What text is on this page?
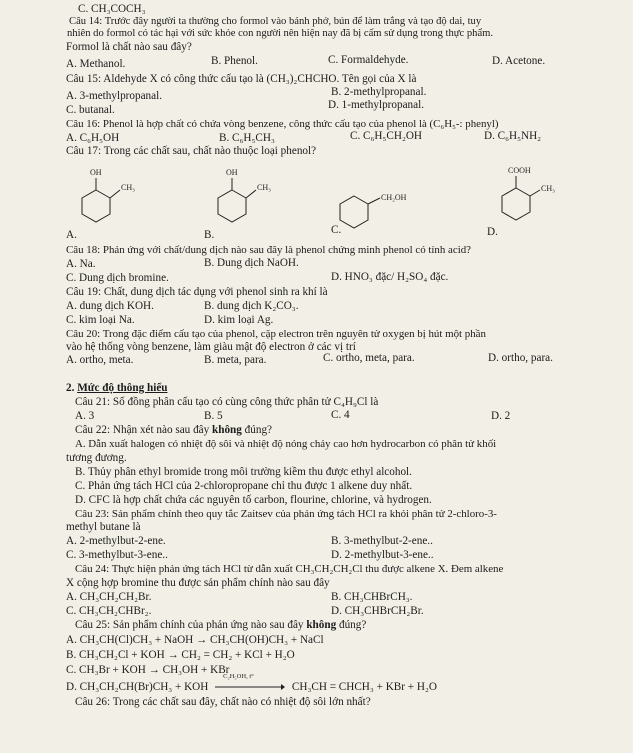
C. CH₃COCH₃
Câu 14: Trước đây người ta thường cho formol vào bánh phở, bún để làm trắng và tạo độ dai, tuy
nhiên do formol có tác hại với sức khỏe con người nên hiện nay đã bị cấm sử dụng trong thực phẩm.
Formol là chất nào sau đây?
A. Methanol.	B. Phenol.	C. Formaldehyde.	D. Acetone.
Câu 15: Aldehyde X có công thức cấu tạo là (CH₃)₂CHCHO. Tên gọi của X là
A. 3-methylpropanal.	B. 2-methylpropanal.
C. butanal.	D. 1-methylpropanal.
Câu 16: Phenol là hợp chất có chứa vòng benzene, công thức cấu tạo của phenol là (C₆H₅-: phenyl)
A. C₆H₅OH	B. C₆H₅CH₃	C. C₆H₅CH₂OH	D. C₆H₅NH₂
Câu 17: Trong các chất sau, chất nào thuộc loại phenol?
A.
OH
CH₃
B.
OH
CH₃
C.
CH₂OH
D.
COOH
CH₃
Câu 18: Phản ứng với chất/dung dịch nào sau đây là phenol chứng minh phenol có tính acid?
A. Na.	B. Dung dịch NaOH.
C. Dung dịch bromine.	D. HNO₃ đặc/ H₂SO₄ đặc.
Câu 19: Chất, dung dịch tác dụng với phenol sinh ra khí là
A. dung dịch KOH.	B. dung dịch K₂CO₃.
C. kim loại Na.	D. kim loại Ag.
Câu 20: Trong đặc điểm cấu tạo của phenol, cặp electron trên nguyên tử oxygen bị hút một phần
vào hệ thống vòng benzene, làm giàu mật độ electron ở các vị trí
A. ortho, meta.	B. meta, para.	C. ortho, meta, para.	D. ortho, para.
2. Mức độ thông hiểu
Câu 21: Số đồng phân cấu tạo có cùng công thức phân tử C₄H₉Cl là
A. 3	B. 5	C. 4	D. 2
Câu 22: Nhận xét nào sau đây không đúng?
A. Dẫn xuất halogen có nhiệt độ sôi và nhiệt độ nóng chảy cao hơn hydrocarbon có phân tử khối
tương đương.
B. Thủy phân ethyl bromide trong môi trường kiềm thu được ethyl alcohol.
C. Phản ứng tách HCl của 2-chloropropane chỉ thu được 1 alkene duy nhất.
D. CFC là hợp chất chứa các nguyên tố carbon, flourine, chlorine, và hydrogen.
Câu 23: Sản phẩm chính theo quy tắc Zaitsev của phản ứng tách HCl ra khỏi phân tử 2-chloro-3-
methyl butane là
A. 2-methylbut-2-ene.	B. 3-methylbut-2-ene..
C. 3-methylbut-3-ene..	D. 2-methylbut-3-ene..
Câu 24: Thực hiện phản ứng tách HCl từ dẫn xuất CH₃CH₂CH₂Cl thu được alkene X. Đem alkene
X cộng hợp bromine thu được sản phẩm chính nào sau đây
A. CH₃CH₂CH₂Br.	B. CH₃CHBrCH₃.
C. CH₃CH₂CHBr₂.	D. CH₃CHBrCH₂Br.
Câu 25: Sản phẩm chính của phản ứng nào sau đây không đúng?
A. CH₃CH(Cl)CH₃ + NaOH → CH₃CH(OH)CH₃ + NaCl
B. CH₃CH₂Cl + KOH → CH₂ = CH₂ + KCl + H₂O
C. CH₃Br + KOH → CH₃OH + KBr
D. CH₃CH₂CH(Br)CH₃ + KOH
C₂H₅OH, t°
CH₃CH = CHCH₃ + KBr + H₂O
Câu 26: Trong các chất sau đây, chất nào có nhiệt độ sôi lớn nhất?
